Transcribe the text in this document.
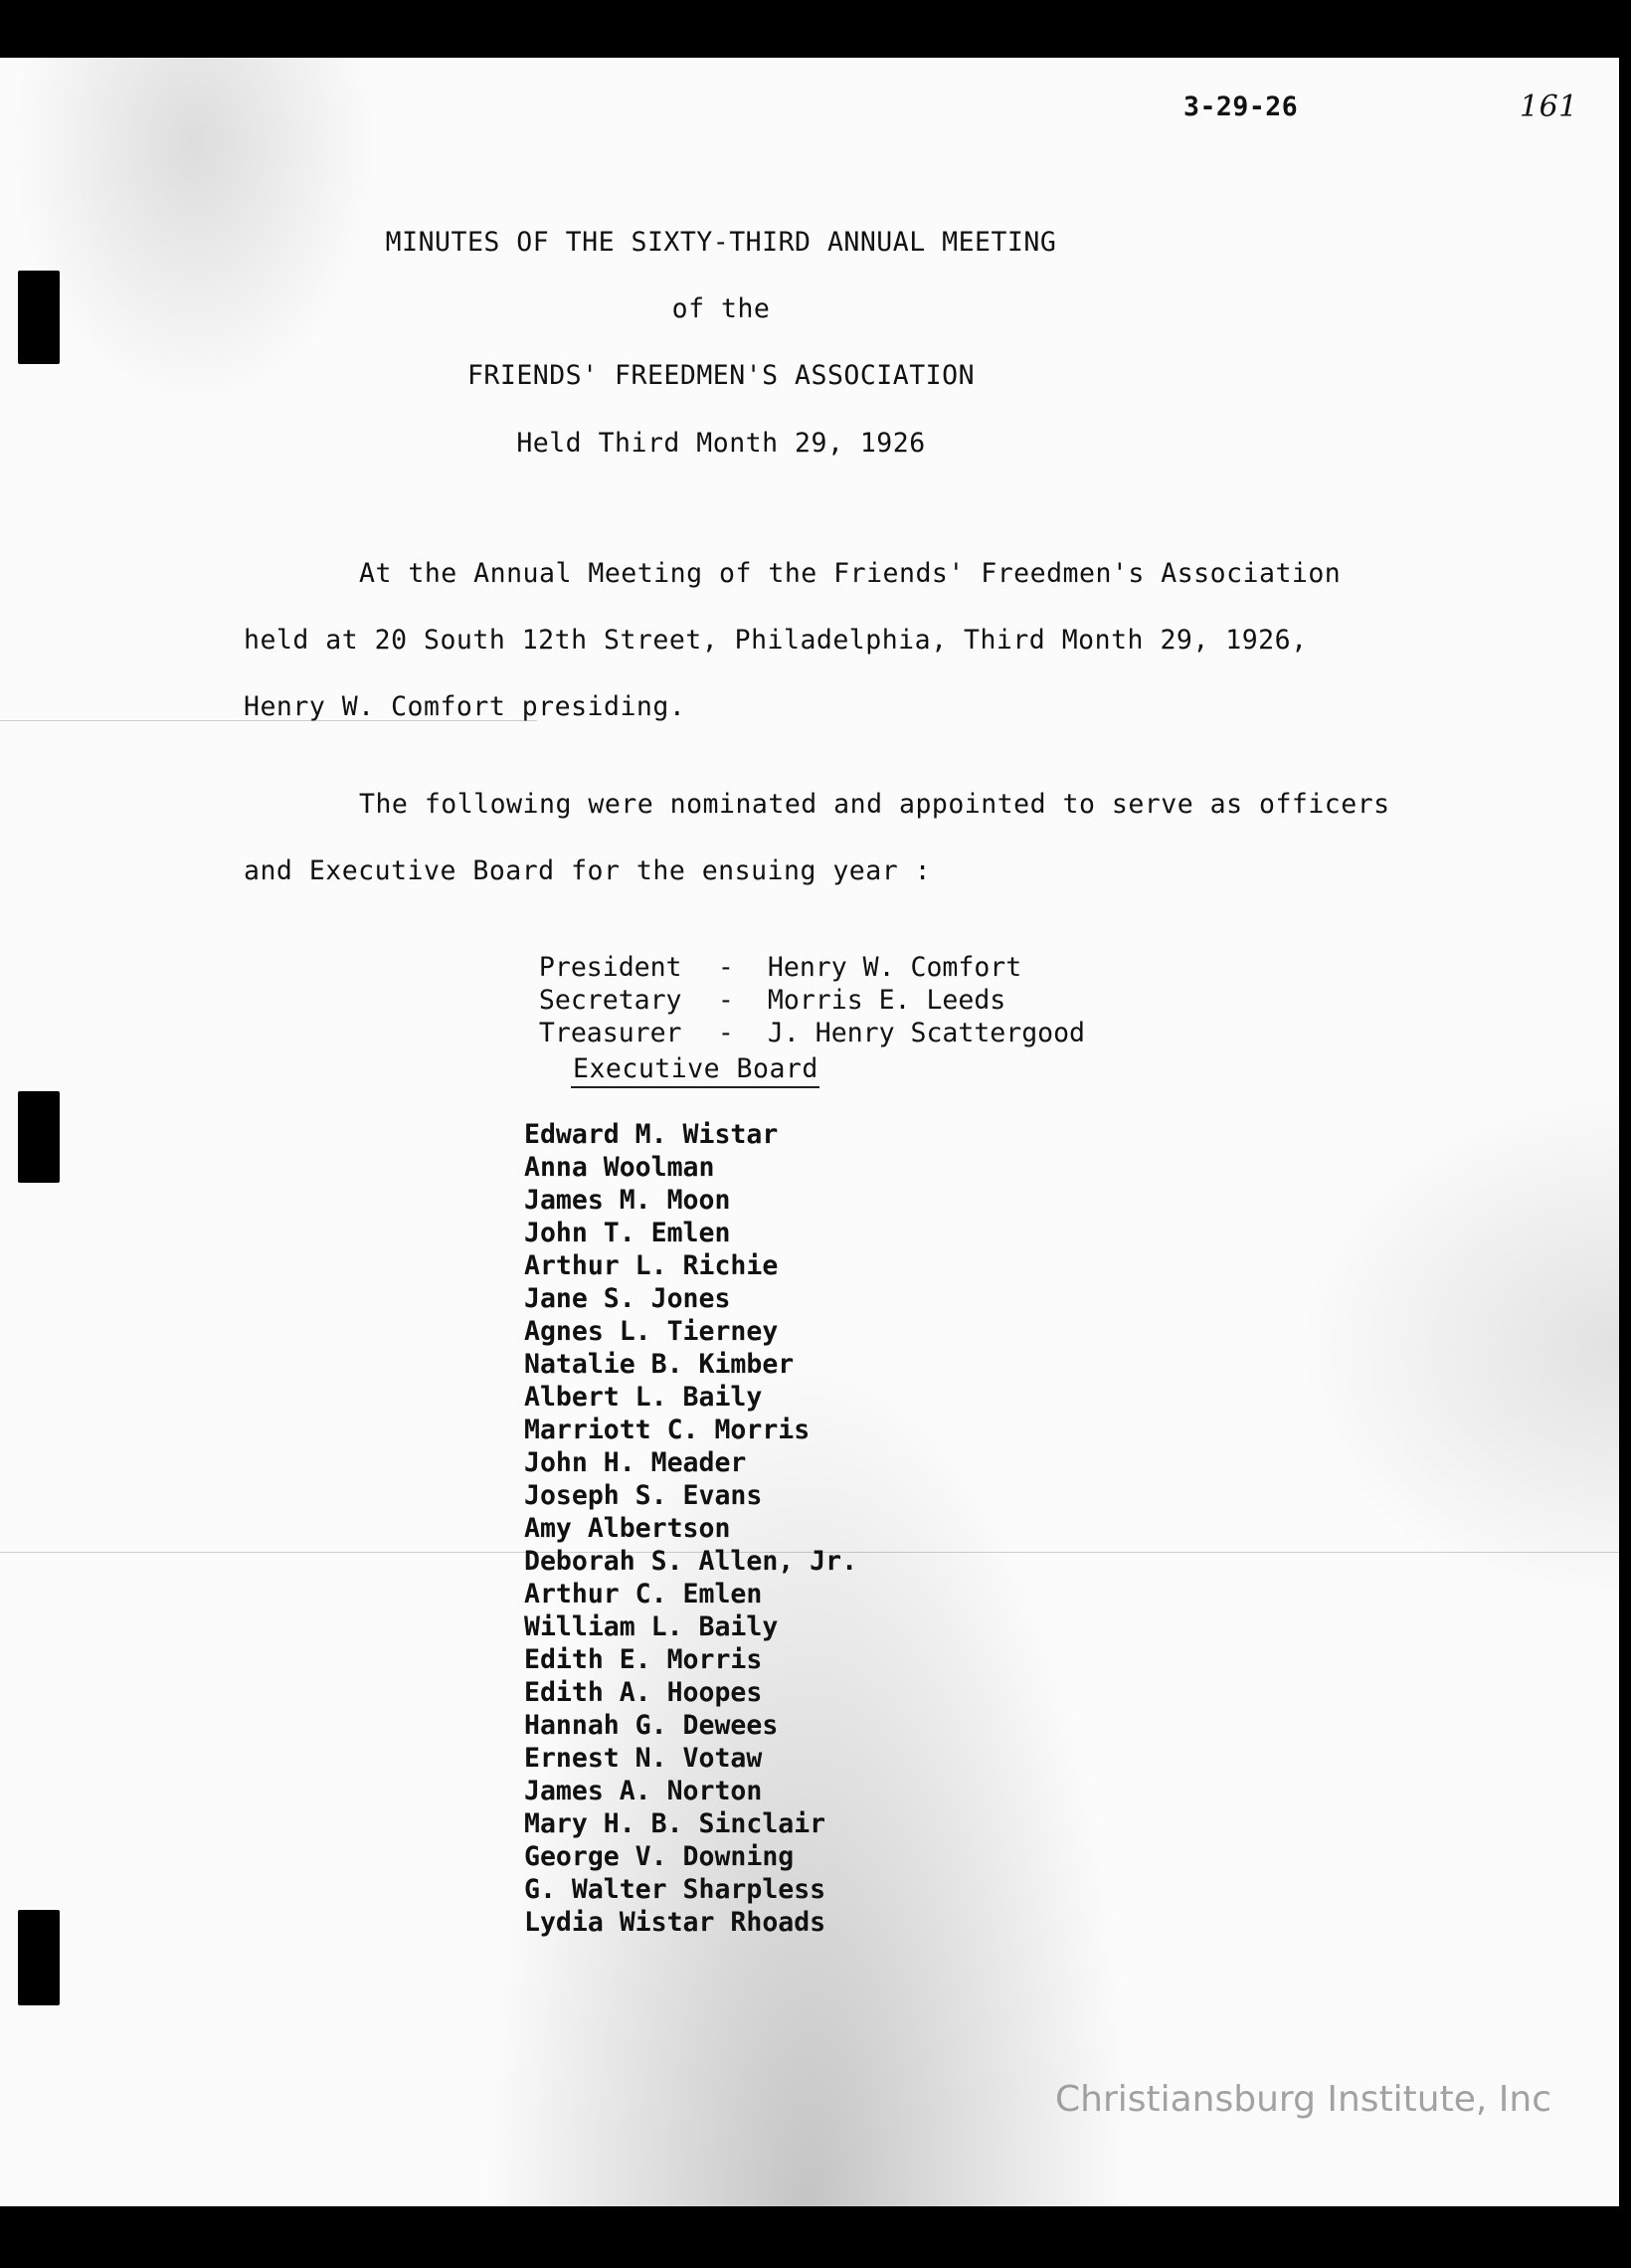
3-29-26	161
MINUTES OF THE SIXTY-THIRD ANNUAL MEETING
of the
FRIENDS' FREEDMEN'S ASSOCIATION
Held Third Month 29, 1926
At the Annual Meeting of the Friends' Freedmen's Association
held at 20 South 12th Street, Philadelphia, Third Month 29, 1926,
Henry W. Comfort presiding.
The following were nominated and appointed to serve as officers
and Executive Board for the ensuing year :

President - Henry W. Comfort

Secretary - Morris E. Leeds

Treasurer - J. Henry Scattergood

Executive Board
Edward M. Wistar
Anna Woolman
James M. Moon
John T. Emlen
Arthur L. Richie
Jane S. Jones
Agnes L. Tierney
Natalie B. Kimber
Albert L. Baily
Marriott C. Morris
John H. Meader
Joseph S. Evans
Amy Albertson
Deborah S. Allen, Jr.
Arthur C. Emlen
William L. Baily
Edith E. Morris
Edith A. Hoopes
Hannah G. Dewees
Ernest N. Votaw
James A. Norton
Mary H. B. Sinclair
George V. Downing
G. Walter Sharpless
Lydia Wistar Rhoads
Christiansburg Institute, Inc
